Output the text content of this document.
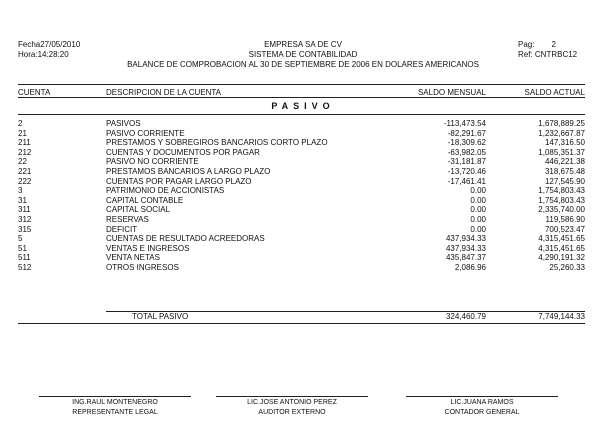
Fecha27/05/2010
Hora:14:28:20
EMPRESA SA DE CV
SISTEMA DE CONTABILIDAD
BALANCE DE COMPROBACION AL 30 DE SEPTIEMBRE DE 2006 EN DOLARES AMERICANOS
Pag: 2
Ref: CNTRBC12
CUENTA	DESCRIPCION DE LA CUENTA	SALDO MENSUAL	SALDO ACTUAL
PASIVO
2	PASIVOS	-113,473.54	1,678,889.25
21	PASIVO CORRIENTE	-82,291.67	1,232,667.87
211	PRESTAMOS Y SOBREGIROS BANCARIOS CORTO PLAZO	-18,309.62	147,316.50
212	CUENTAS Y DOCUMENTOS POR PAGAR	-63,982.05	1,085,351.37
22	PASIVO NO CORRIENTE	-31,181.87	446,221.38
221	PRESTAMOS BANCARIOS A LARGO PLAZO	-13,720.46	318,675.48
222	CUENTAS POR PAGAR LARGO PLAZO	-17,461.41	127,545.90
3	PATRIMONIO DE ACCIONISTAS	0.00	1,754,803.43
31	CAPITAL CONTABLE	0.00	1,754,803.43
311	CAPITAL SOCIAL	0.00	2,335,740.00
312	RESERVAS	0.00	119,586.90
315	DEFICIT	0.00	700,523.47
5	CUENTAS DE RESULTADO ACREEDORAS	437,934.33	4,315,451.65
51	VENTAS E INGRESOS	437,934.33	4,315,451.65
511	VENTA NETAS	435,847.37	4,290,191.32
512	OTROS INGRESOS	2,086.96	25,260.33
TOTAL PASIVO	324,460.79	7,749,144.33
ING.RAUL MONTENEGRO
REPRESENTANTE LEGAL
LIC.JOSE ANTONIO PEREZ
AUDITOR EXTERNO
LIC.JUANA RAMOS
CONTADOR GENERAL
